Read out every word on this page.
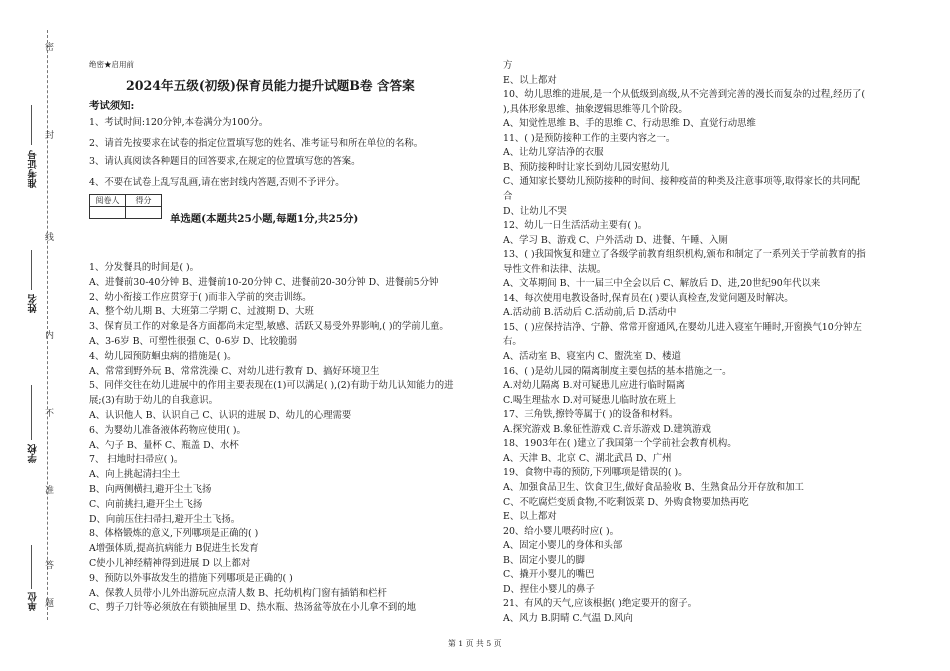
密
封
线
内
不
准
答
题
准考证号
姓名
学校
单位
绝密★启用前
2024年五级(初级)保育员能力提升试题B卷 含答案
考试须知:
1、考试时间:120分钟,本卷满分为100分。
2、请首先按要求在试卷的指定位置填写您的姓名、准考证号和所在单位的名称。
3、请认真阅读各种题目的回答要求,在规定的位置填写您的答案。
4、不要在试卷上乱写乱画,请在密封线内答题,否则不予评分。
阅卷人	得分

单选题(本题共25小题,每题1分,共25分)
1、分发餐具的时间是( )。
A、进餐前30-40分钟 B、进餐前10-20分钟 C、进餐前20-30分钟 D、进餐前5分钟
2、幼小衔接工作应贯穿于( )而非入学前的突击训练。
A、整个幼儿期 B、大班第二学期 C、过渡期 D、大班
3、保育员工作的对象是各方面都尚未定型,敏感、活跃又易受外界影响,( )的学前儿童。
A、3-6岁 B、可塑性很强 C、0-6岁 D、比较脆弱
4、幼儿园预防蛔虫病的措施是( )。
A、常常到野外玩 B、常常洗澡 C、对幼儿进行教育 D、搞好环境卫生
5、同伴交往在幼儿进展中的作用主要表现在(1)可以满足( ),(2)有助于幼儿认知能力的进
展;(3)有助于幼儿的自我意识。
A、认识他人 B、认识自己 C、认识的进展 D、幼儿的心理需要
6、为婴幼儿准备液体药物应使用( )。
A、勺子 B、量杯 C、瓶盖 D、水杯
7、 扫地时扫帚应( )。
A、向上挑起清扫尘土
B、向两侧横扫,避开尘土飞扬
C、向前挑扫,避开尘土飞扬
D、向前压住扫帚扫,避开尘土飞扬。
8、体格锻炼的意义,下列哪项是正确的( )
A增强体质,提高抗病能力 B促进生长发育
C使小儿神经精神得到进展 D 以上都对
9、预防以外事故发生的措施下列哪项是正确的( )
A、保教人员带小儿外出游玩应点清人数 B、托幼机构门窗有插销和栏杆
C、剪子刀针等必须放在有锁抽屉里 D、热水瓶、热汤盆等放在小儿拿不到的地
方
E、以上都对
10、幼儿思维的进展,是一个从低级到高级,从不完善到完善的漫长而复杂的过程,经历了(
),具体形象思维、抽象逻辑思维等几个阶段。
A、知觉性思维 B、手的思维 C、行动思维 D、直觉行动思维
11、( )是预防接种工作的主要内容之一。
A、让幼儿穿洁净的衣服
B、预防接种时让家长到幼儿园安慰幼儿
C、通知家长婴幼儿预防接种的时间、接种疫苗的种类及注意事项等,取得家长的共同配
合
D、让幼儿不哭
12、幼儿一日生活活动主要有( )。
A、学习 B、游戏 C、户外活动 D、进餐、午睡、入厕
13、( )我国恢复和建立了各级学前教育组织机构,颁布和制定了一系列关于学前教育的指
导性文件和法律、法规。
A、文革期间 B、十一届三中全会以后 C、解放后 D、进,20世纪90年代以来
14、每次使用电教设备时,保育员在( )要认真检查,发觉问题及时解决。
A.活动前 B.活动后 C.活动前,后 D.活动中
15、( )应保持洁净、宁静、常常开窗通风,在婴幼儿进入寝室午睡时,开窗换气10分钟左
右。
A、活动室 B、寝室内 C、盥洗室 D、楼道
16、( )是幼儿园的隔离制度主要包括的基本措施之一。
A.对幼儿隔离 B.对可疑患儿应进行临时隔离
C.喝生理盐水 D.对可疑患儿临时放在班上
17、三角铁,擦铃等属于( )的设备和材料。
A.探究游戏 B.象征性游戏 C.音乐游戏 D.建筑游戏
18、1903年在( )建立了我国第一个学前社会教育机构。
A、天津 B、北京 C、湖北武昌 D、广州
19、食物中毒的预防,下列哪项是错误的( )。
A、加强食品卫生、饮食卫生,做好食品验收 B、生熟食品分开存放和加工
C、不吃腐烂变质食物,不吃剩饭菜 D、外购食物要加热再吃
E、以上都对
20、给小婴儿喂药时应( )。
A、固定小婴儿的身体和头部
B、固定小婴儿的脚
C、撬开小婴儿的嘴巴
D、捏住小婴儿的鼻子
21、有风的天气,应该根据( )绝定要开的窗子。
A、风力 B.阴晴 C.气温 D.风向
第 1 页 共 5 页
